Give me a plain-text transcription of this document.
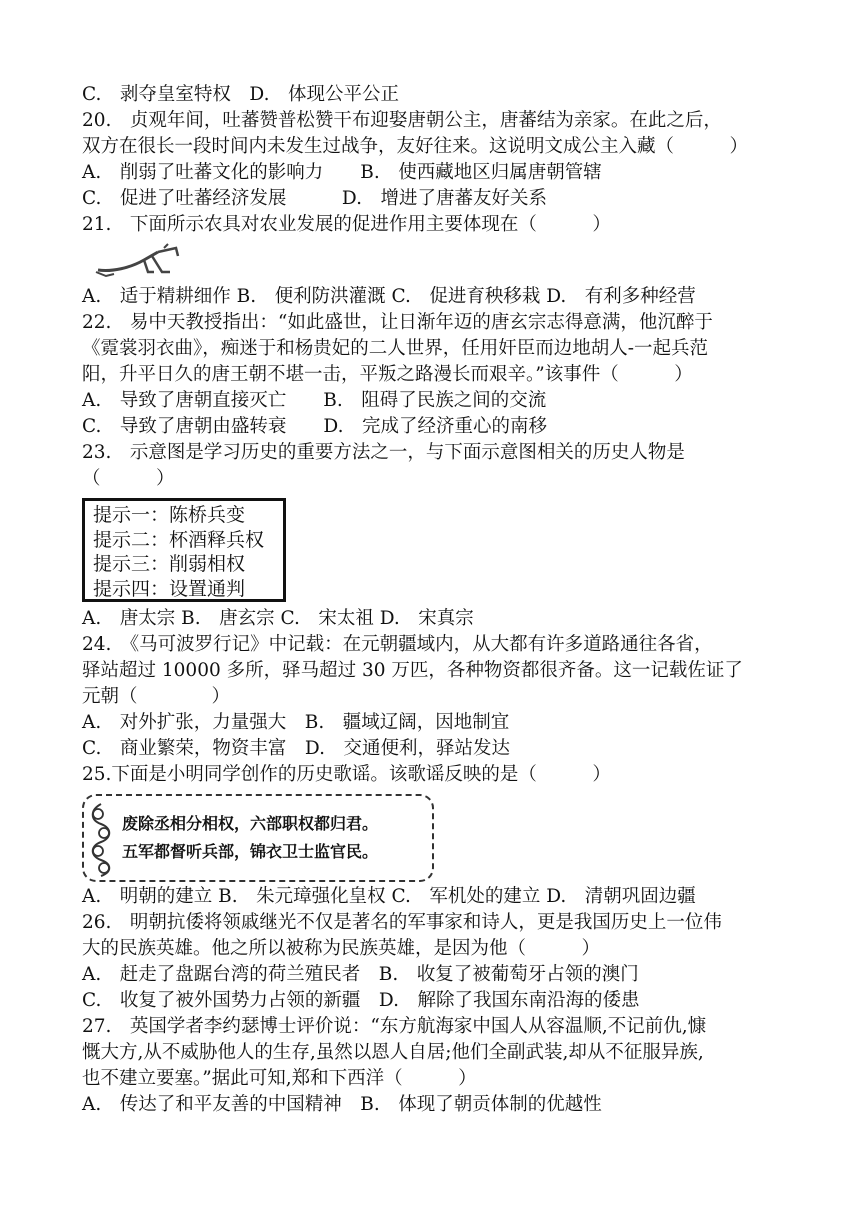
C.　剥夺皇室特权　 D.　体现公平公正
20.　贞观年间，吐蕃赞普松赞干布迎娶唐朝公主，唐蕃结为亲家。在此之后，
双方在很长一段时间内未发生过战争，友好往来。这说明文成公主入藏（　　　）
A.　削弱了吐蕃文化的影响力　　 B.　使西藏地区归属唐朝管辖
C.　促进了吐蕃经济发展　　　	D.　增进了唐蕃友好关系
21.　下面所示农具对农业发展的促进作用主要体现在（　　　）
A.　适于精耕细作 B.　便利防洪灌溉 C.　促进育秧移栽 D.　有利多种经营
22.　易中天教授指出：“如此盛世，让日渐年迈的唐玄宗志得意满，他沉醉于
《霓裳羽衣曲》，痴迷于和杨贵妃的二人世界，任用奸臣而边地胡人-一起兵范
阳，升平日久的唐王朝不堪一击，平叛之路漫长而艰辛。”该事件（　　　）
A.　导致了唐朝直接灭亡　　 B.　阻碍了民族之间的交流
C.　导致了唐朝由盛转衰　　 D.　完成了经济重心的南移
23.　示意图是学习历史的重要方法之一，与下面示意图相关的历史人物是
（　　　）
提示一：陈桥兵变
提示二：杯酒释兵权
提示三：削弱相权
提示四：设置通判
A.　唐太宗 B.　唐玄宗 C.　宋太祖 D.　宋真宗
24.　《马可波罗行记》中记载：在元朝疆域内，从大都有许多道路通往各省，
驿站超过 10000 多所，驿马超过 30 万匹，各种物资都很齐备。这一记载佐证了
元朝（　　　　）
A.　对外扩张，力量强大　 B.　疆域辽阔，因地制宜
C.　商业繁荣，物资丰富　 D.　交通便利，驿站发达
25.下面是小明同学创作的历史歌谣。该歌谣反映的是（　　　）
废除丞相分相权，六部职权都归君。
五军都督听兵部，锦衣卫士监官民。
A.　明朝的建立 B.　朱元璋强化皇权 C.　军机处的建立 D.　清朝巩固边疆
26.　明朝抗倭将领戚继光不仅是著名的军事家和诗人，更是我国历史上一位伟
大的民族英雄。他之所以被称为民族英雄，是因为他（　　　）
A.　赶走了盘踞台湾的荷兰殖民者　 B.　收复了被葡萄牙占领的澳门
C.　收复了被外国势力占领的新疆　 D.　解除了我国东南沿海的倭患
27.　英国学者李约瑟博士评价说：“东方航海家中国人从容温顺,不记前仇,慷
慨大方,从不威胁他人的生存,虽然以恩人自居;他们全副武装,却从不征服异族,
也不建立要塞。”据此可知,郑和下西洋（　　　）
A.　传达了和平友善的中国精神　 B.　体现了朝贡体制的优越性
